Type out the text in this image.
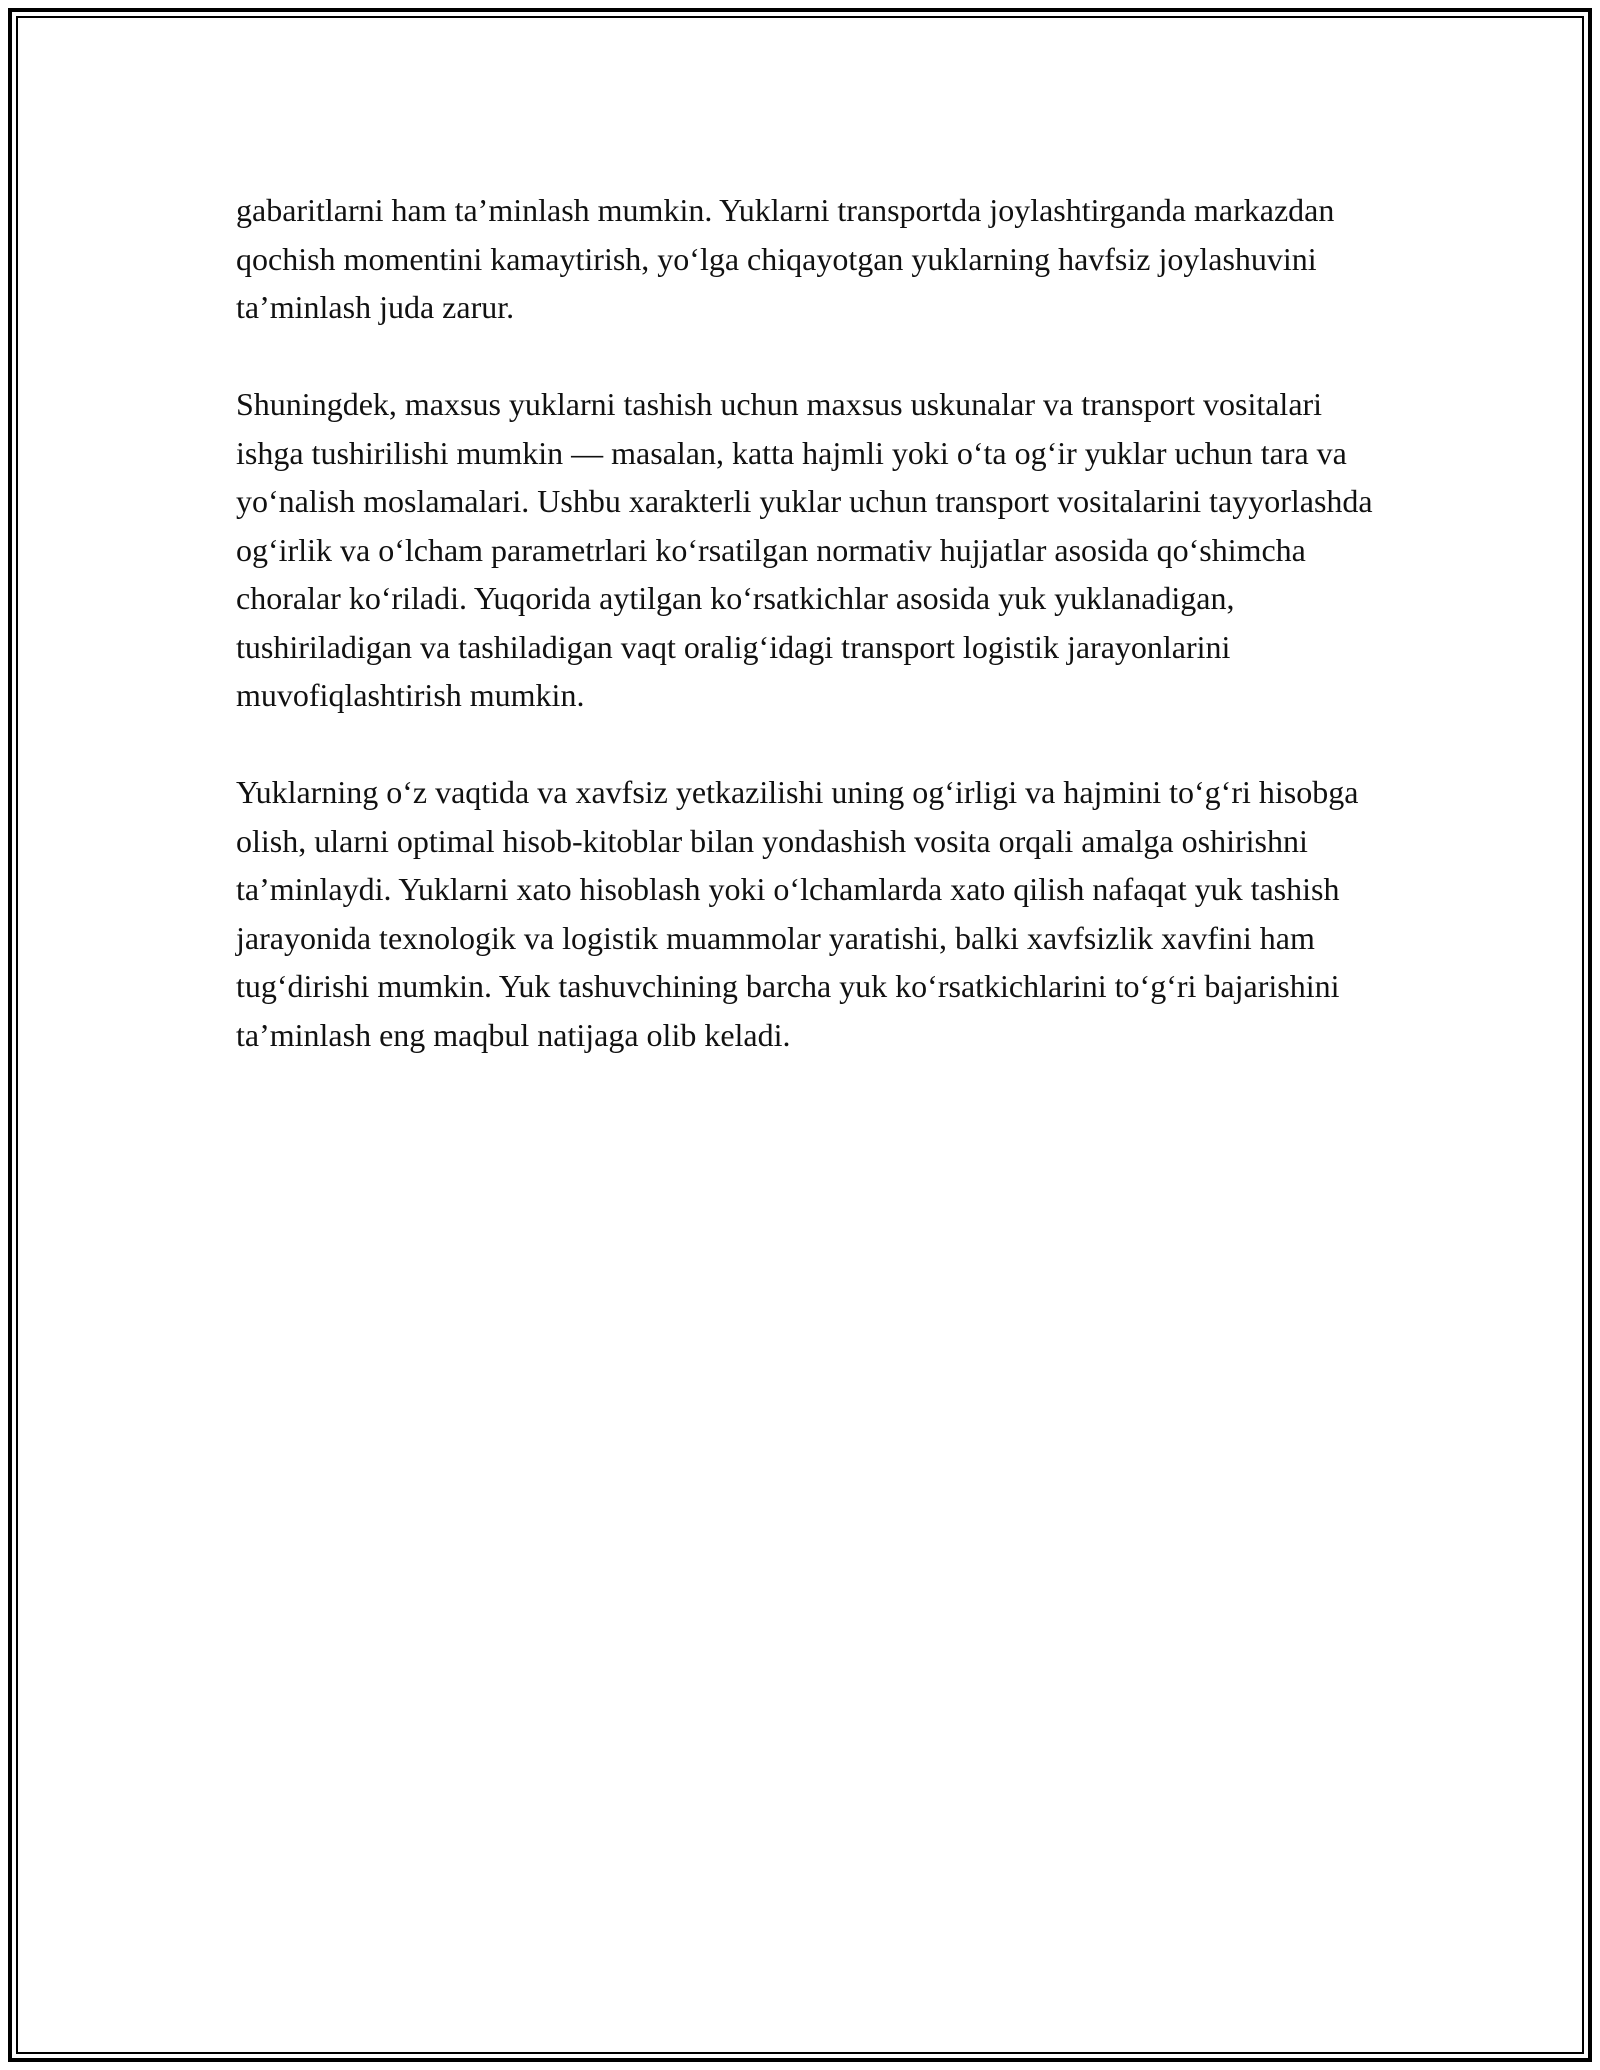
gabaritlarni ham ta’minlash mumkin. Yuklarni transportda joylashtirganda markazdan qochish momentini kamaytirish, yo‘lga chiqayotgan yuklarning havfsiz joylashuvini ta’minlash juda zarur.

Shuningdek, maxsus yuklarni tashish uchun maxsus uskunalar va transport vositalari ishga tushirilishi mumkin — masalan, katta hajmli yoki o‘ta og‘ir yuklar uchun tara va yo‘nalish moslamalari. Ushbu xarakterli yuklar uchun transport vositalarini tayyorlashda og‘irlik va o‘lcham parametrlari ko‘rsatilgan normativ hujjatlar asosida qo‘shimcha choralar ko‘riladi. Yuqorida aytilgan ko‘rsatkichlar asosida yuk yuklanadigan, tushiriladigan va tashiladigan vaqt oralig‘idagi transport logistik jarayonlarini muvofiqlashtirish mumkin.

Yuklarning o‘z vaqtida va xavfsiz yetkazilishi uning og‘irligi va hajmini to‘g‘ri hisobga olish, ularni optimal hisob-kitoblar bilan yondashish vosita orqali amalga oshirishni ta’minlaydi. Yuklarni xato hisoblash yoki o‘lchamlarda xato qilish nafaqat yuk tashish jarayonida texnologik va logistik muammolar yaratishi, balki xavfsizlik xavfini ham tug‘dirishi mumkin. Yuk tashuvchining barcha yuk ko‘rsatkichlarini to‘g‘ri bajarishini ta’minlash eng maqbul natijaga olib keladi.
